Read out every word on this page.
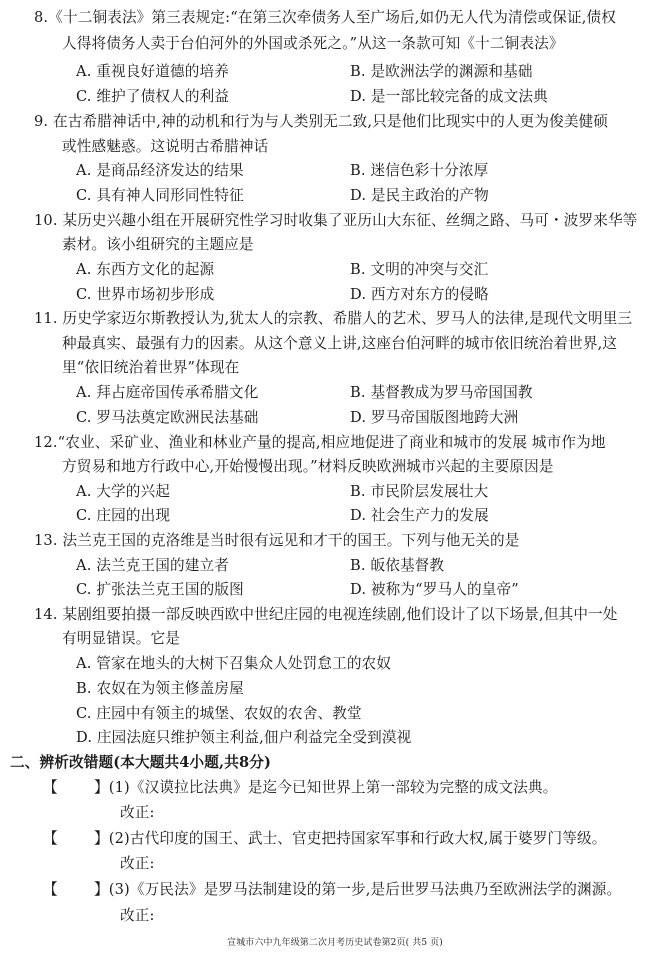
8.《十二铜表法》第三表规定:“在第三次牵债务人至广场后,如仍无人代为清偿或保证,债权
人得将债务人卖于台伯河外的外国或杀死之。”从这一条款可知《十二铜表法》
A. 重视良好道德的培养	B. 是欧洲法学的渊源和基础
C. 维护了债权人的利益	D. 是一部比较完备的成文法典
9. 在古希腊神话中,神的动机和行为与人类别无二致,只是他们比现实中的人更为俊美健硕
或性感魅惑。这说明古希腊神话
A. 是商品经济发达的结果	B. 迷信色彩十分浓厚
C. 具有神人同形同性特征	D. 是民主政治的产物
10. 某历史兴趣小组在开展研究性学习时收集了亚历山大东征、丝绸之路、马可・波罗来华等
素材。该小组研究的主题应是
A. 东西方文化的起源	B. 文明的冲突与交汇
C. 世界市场初步形成	D. 西方对东方的侵略
11. 历史学家迈尔斯教授认为,犹太人的宗教、希腊人的艺术、罗马人的法律,是现代文明里三
种最真实、最强有力的因素。从这个意义上讲,这座台伯河畔的城市依旧统治着世界,这
里“依旧统治着世界”体现在
A. 拜占庭帝国传承希腊文化	B. 基督教成为罗马帝国国教
C. 罗马法奠定欧洲民法基础	D. 罗马帝国版图地跨大洲
12.“农业、采矿业、渔业和林业产量的提高,相应地促进了商业和城市的发展 城市作为地
方贸易和地方行政中心,开始慢慢出现。”材料反映欧洲城市兴起的主要原因是
A. 大学的兴起	B. 市民阶层发展壮大
C. 庄园的出现	D. 社会生产力的发展
13. 法兰克王国的克洛维是当时很有远见和才干的国王。下列与他无关的是
A. 法兰克王国的建立者	B. 皈依基督教
C. 扩张法兰克王国的版图	D. 被称为“罗马人的皇帝”
14. 某剧组要拍摄一部反映西欧中世纪庄园的电视连续剧,他们设计了以下场景,但其中一处
有明显错误。它是
A. 管家在地头的大树下召集众人处罚怠工的农奴
B. 农奴在为领主修盖房屋
C. 庄园中有领主的城堡、农奴的农舍、教堂
D. 庄园法庭只维护领主利益,佃户利益完全受到漠视
二、辨析改错题(本大题共4小题,共8分)
【 】(1)《汉谟拉比法典》是迄今已知世界上第一部较为完整的成文法典。
改正:
【 】(2)古代印度的国王、武士、官吏把持国家军事和行政大权,属于婆罗门等级。
改正:
【 】(3)《万民法》是罗马法制建设的第一步,是后世罗马法典乃至欧洲法学的渊源。
改正:
宣城市六中九年级第二次月考历史试卷第2页( 共5 页)
